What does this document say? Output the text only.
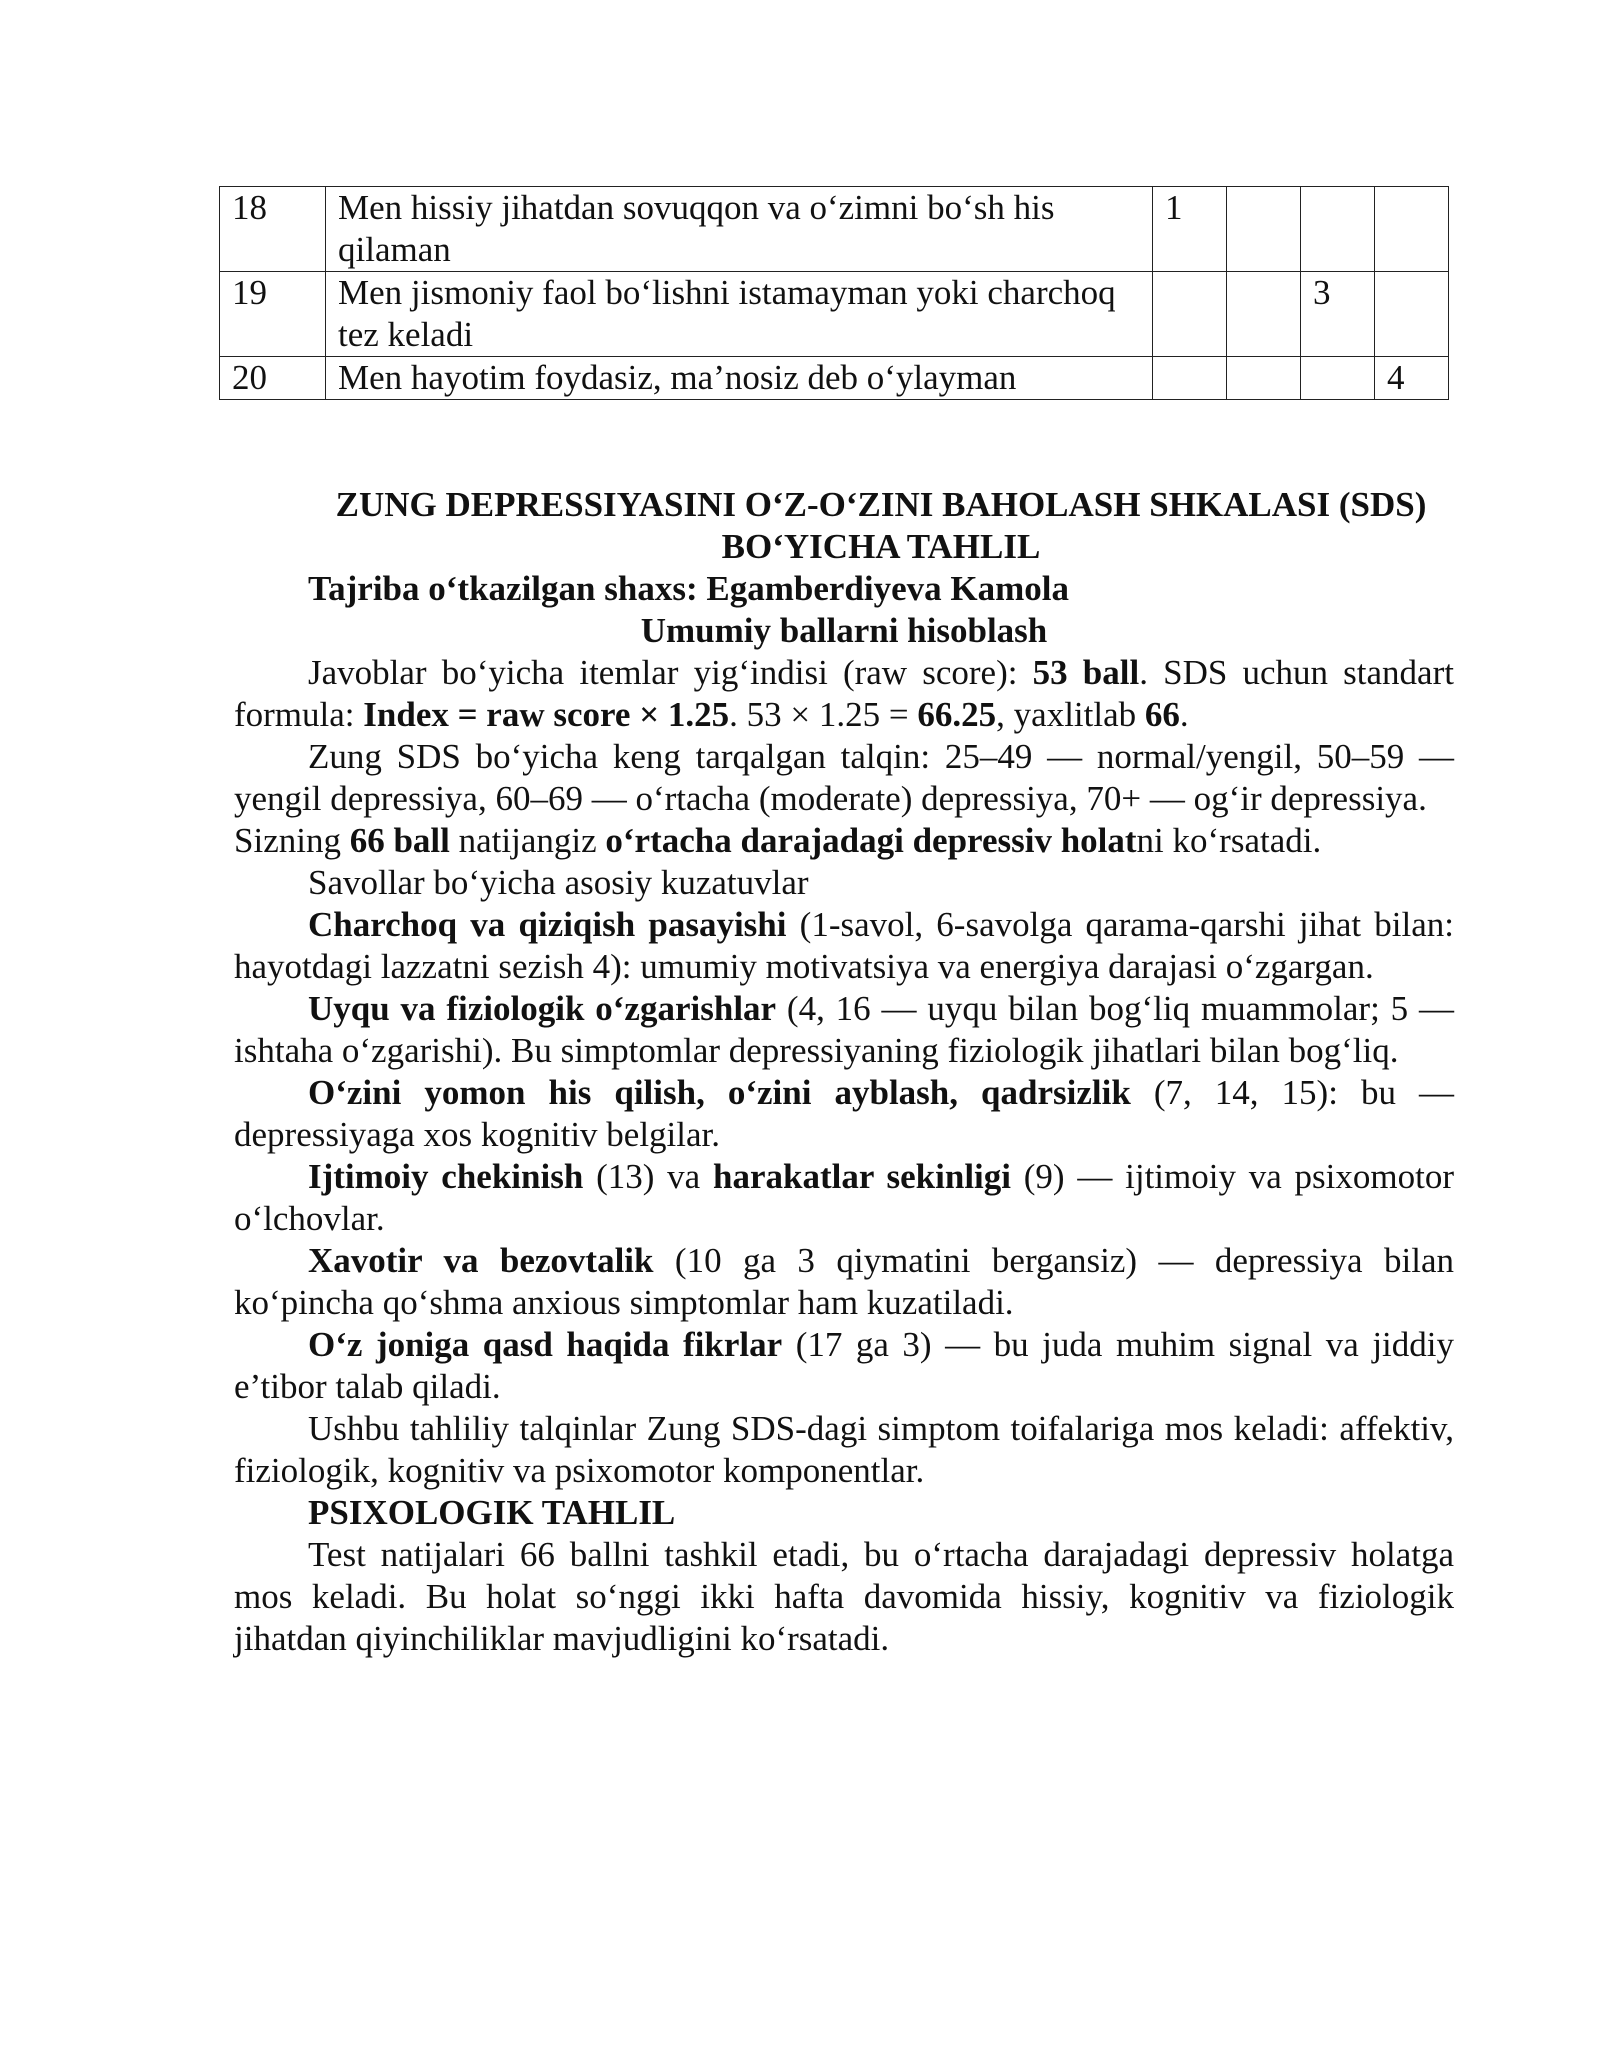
18	Men hissiy jihatdan sovuqqon va o‘zimni bo‘sh his qilaman	1			
19	Men jismoniy faol bo‘lishni istamayman yoki charchoq tez keladi			3	
20	Men hayotim foydasiz, ma’nosiz deb o‘ylayman				4

ZUNG DEPRESSIYASINI O‘Z-O‘ZINI BAHOLASH SHKALASI (SDS) BO‘YICHA TAHLIL

Tajriba o‘tkazilgan shaxs: Egamberdiyeva Kamola

Umumiy ballarni hisoblash

Javoblar bo‘yicha itemlar yig‘indisi (raw score): 53 ball. SDS uchun standart formula: Index = raw score × 1.25. 53 × 1.25 = 66.25, yaxlitlab 66.

Zung SDS bo‘yicha keng tarqalgan talqin: 25–49 — normal/yengil, 50–59 — yengil depressiya, 60–69 — o‘rtacha (moderate) depressiya, 70+ — og‘ir depressiya.

Sizning 66 ball natijangiz o‘rtacha darajadagi depressiv holatni ko‘rsatadi.

Savollar bo‘yicha asosiy kuzatuvlar

Charchoq va qiziqish pasayishi (1-savol, 6-savolga qarama-qarshi jihat bilan: hayotdagi lazzatni sezish 4): umumiy motivatsiya va energiya darajasi o‘zgargan.

Uyqu va fiziologik o‘zgarishlar (4, 16 — uyqu bilan bog‘liq muammolar; 5 — ishtaha o‘zgarishi). Bu simptomlar depressiyaning fiziologik jihatlari bilan bog‘liq.

O‘zini yomon his qilish, o‘zini ayblash, qadrsizlik (7, 14, 15): bu — depressiyaga xos kognitiv belgilar.

Ijtimoiy chekinish (13) va harakatlar sekinligi (9) — ijtimoiy va psixomotor o‘lchovlar.

Xavotir va bezovtalik (10 ga 3 qiymatini bergansiz) — depressiya bilan ko‘pincha qo‘shma anxious simptomlar ham kuzatiladi.

O‘z joniga qasd haqida fikrlar (17 ga 3) — bu juda muhim signal va jiddiy e’tibor talab qiladi.

Ushbu tahliliy talqinlar Zung SDS-dagi simptom toifalariga mos keladi: affektiv, fiziologik, kognitiv va psixomotor komponentlar.

PSIXOLOGIK TAHLIL

Test natijalari 66 ballni tashkil etadi, bu o‘rtacha darajadagi depressiv holatga mos keladi. Bu holat so‘nggi ikki hafta davomida hissiy, kognitiv va fiziologik jihatdan qiyinchiliklar mavjudligini ko‘rsatadi.
